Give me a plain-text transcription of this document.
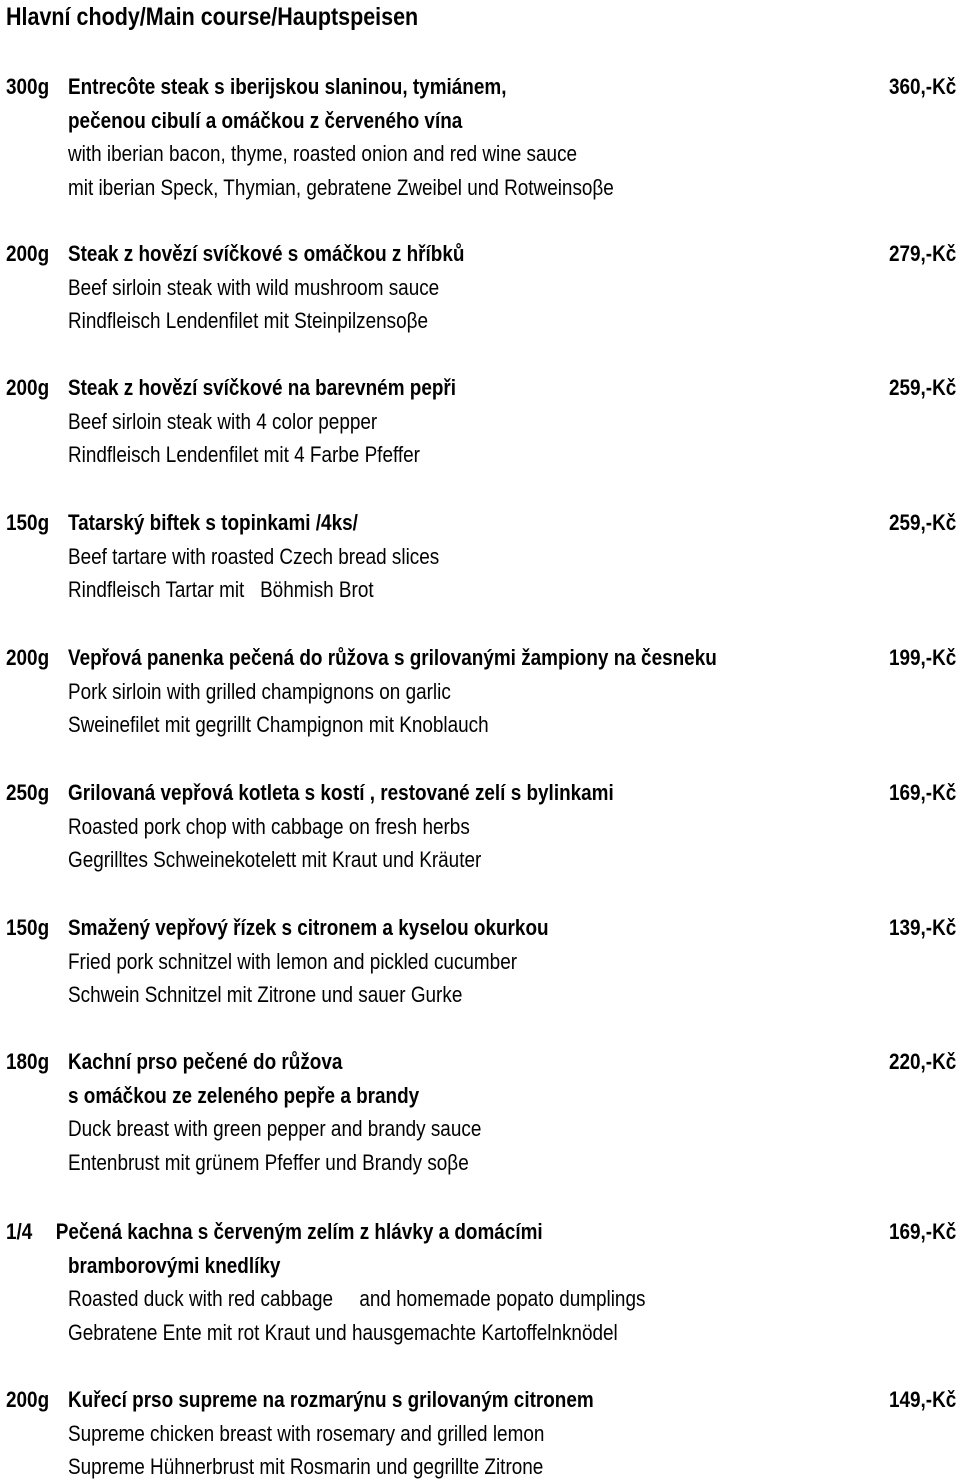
Hlavní chody/Main course/Hauptspeisen
300g Entrecôte steak s iberijskou slaninou, tymiánem,
pečenou cibulí a omáčkou z červeného vína
with iberian bacon, thyme, roasted onion and red wine sauce
mit iberian Speck, Thymian, gebratene Zweibel und Rotweinsoβe
360,-Kč
200g Steak z hovězí svíčkové s omáčkou z hříbků
Beef sirloin steak with wild mushroom sauce
Rindfleisch Lendenfilet mit Steinpilzensoβe
279,-Kč
200g Steak z hovězí svíčkové na barevném pepři
Beef sirloin steak with 4 color pepper
Rindfleisch Lendenfilet mit 4 Farbe Pfeffer
259,-Kč
150g Tatarský biftek s topinkami /4ks/
Beef tartare with roasted Czech bread slices
Rindfleisch Tartar mit   Böhmish Brot
259,-Kč
200g Vepřová panenka pečená do růžova s grilovanými žampiony na česneku
Pork sirloin with grilled champignons on garlic
Sweinefilet mit gegrillt Champignon mit Knoblauch
199,-Kč
250g Grilovaná vepřová kotleta s kostí , restované zelí s bylinkami
Roasted pork chop with cabbage on fresh herbs
Gegrilltes Schweinekotelett mit Kraut und Kräuter
169,-Kč
150g Smažený vepřový řízek s citronem a kyselou okurkou
Fried pork schnitzel with lemon and pickled cucumber
Schwein Schnitzel mit Zitrone und sauer Gurke
139,-Kč
180g Kachní prso pečené do růžova
s omáčkou ze zeleného pepře a brandy
Duck breast with green pepper and brandy sauce
Entenbrust mit grünem Pfeffer und Brandy soβe
220,-Kč
1/4 Pečená kachna s červeným zelím z hlávky a domácími
bramborovými knedlíky
Roasted duck with red cabbage     and homemade popato dumplings
Gebratene Ente mit rot Kraut und hausgemachte Kartoffelnknödel
169,-Kč
200g Kuřecí prso supreme na rozmarýnu s grilovaným citronem
Supreme chicken breast with rosemary and grilled lemon
Supreme Hühnerbrust mit Rosmarin und gegrillte Zitrone
149,-Kč
